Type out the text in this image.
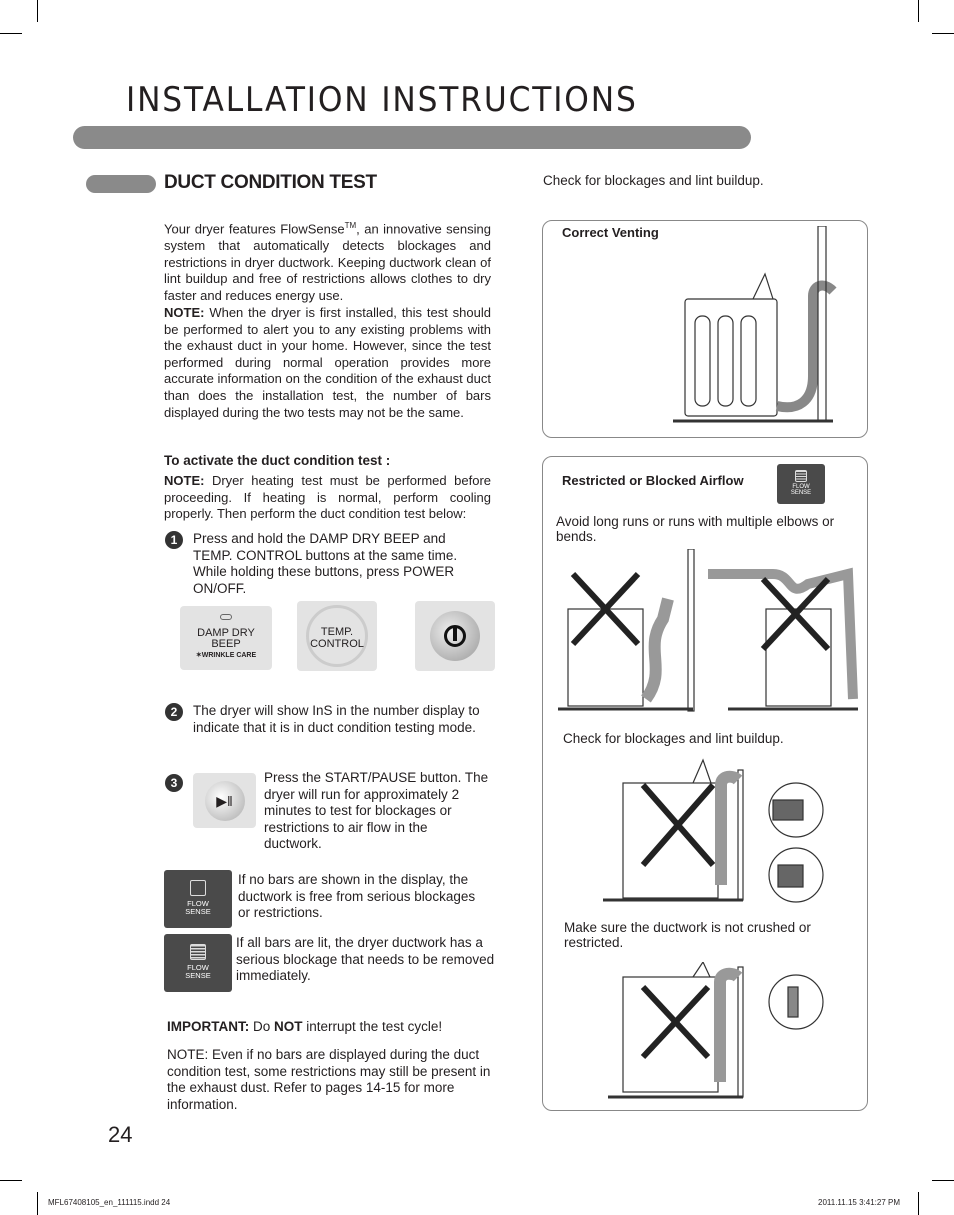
INSTALLATION INSTRUCTIONS
DUCT CONDITION TEST
Your dryer features FlowSense™, an innovative sensing system that automatically detects blockages and restrictions in dryer ductwork. Keeping ductwork clean of lint buildup and free of restrictions allows clothes to dry faster and reduces energy use.
NOTE: When the dryer is first installed, this test should be performed to alert you to any existing problems with the exhaust duct in your home. However, since the test performed during normal operation provides more accurate information on the condition of the exhaust duct than does the installation test, the number of bars displayed during the two tests may not be the same.
To activate the duct condition test :
NOTE: Dryer heating test must be performed before proceeding. If heating is normal, perform cooling properly. Then perform the duct condition test below:
1	Press and hold the DAMP DRY BEEP and TEMP. CONTROL buttons at the same time. While holding these buttons, press POWER ON/OFF.
DAMP DRY
BEEP
✶WRINKLE CARE
TEMP.
CONTROL
2	The dryer will show InS in the number display to indicate that it is in duct condition testing mode.
3
▶︎‖
Press the START/PAUSE button. The dryer will run for approximately 2 minutes to test for blockages or restrictions to air flow in the ductwork.
FLOW
SENSE
If no bars are shown in the display, the ductwork is free from serious blockages or restrictions.
FLOW
SENSE
If all bars are lit, the dryer ductwork has a serious blockage that needs to be removed immediately.
IMPORTANT: Do NOT interrupt the test cycle!
NOTE: Even if no bars are displayed during the duct condition test, some restrictions may still be present in the exhaust dust. Refer to pages 14-15 for more information.
24
MFL67408105_en_111115.indd 24	2011.11.15 3:41:27 PM
Check for blockages and lint buildup.
Correct Venting
Restricted or Blocked Airflow	FLOW
SENSE
Avoid long runs or runs with multiple elbows or bends.
Check for blockages and lint buildup.
Make sure the ductwork is not crushed or restricted.
